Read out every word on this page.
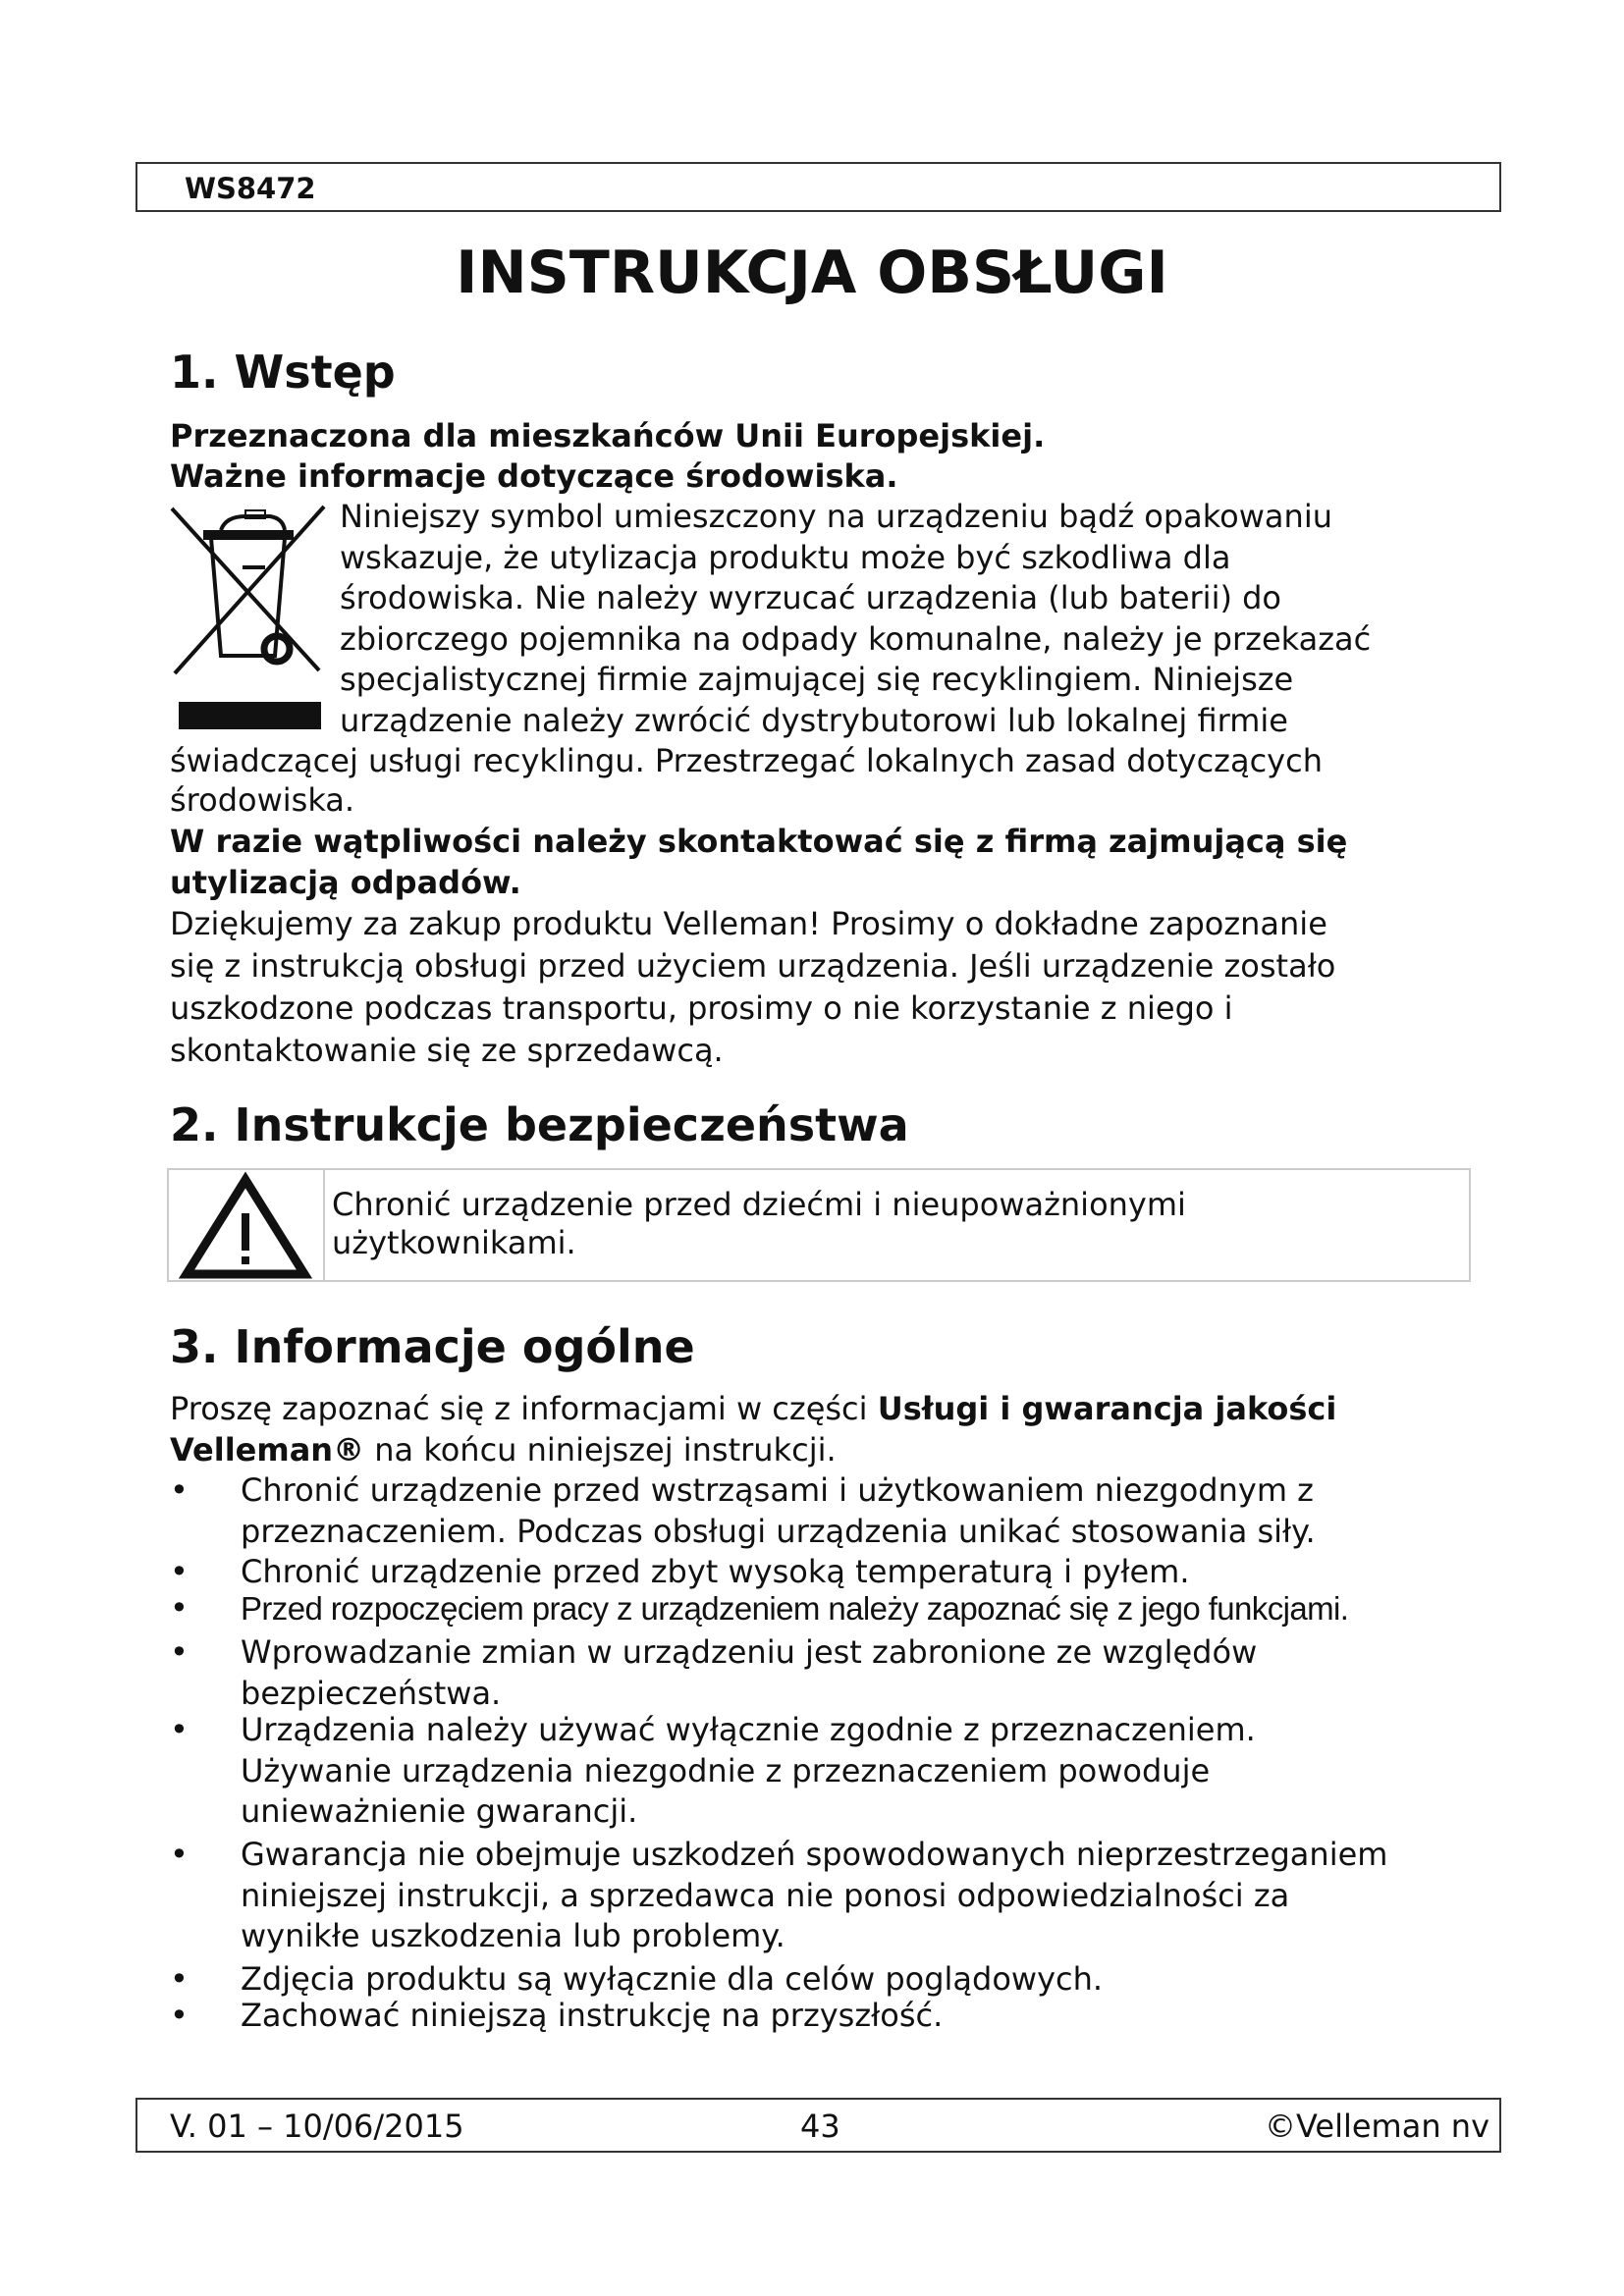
WS8472
INSTRUKCJA OBSŁUGI
1. Wstęp
Przeznaczona dla mieszkańców Unii Europejskiej.
Ważne informacje dotyczące środowiska.
Niniejszy symbol umieszczony na urządzeniu bądź opakowaniu
wskazuje, że utylizacja produktu może być szkodliwa dla
środowiska. Nie należy wyrzucać urządzenia (lub baterii) do
zbiorczego pojemnika na odpady komunalne, należy je przekazać
specjalistycznej firmie zajmującej się recyklingiem. Niniejsze
urządzenie należy zwrócić dystrybutorowi lub lokalnej firmie
świadczącej usługi recyklingu. Przestrzegać lokalnych zasad dotyczących
środowiska.
W razie wątpliwości należy skontaktować się z firmą zajmującą się
utylizacją odpadów.
Dziękujemy za zakup produktu Velleman! Prosimy o dokładne zapoznanie
się z instrukcją obsługi przed użyciem urządzenia. Jeśli urządzenie zostało
uszkodzone podczas transportu, prosimy o nie korzystanie z niego i
skontaktowanie się ze sprzedawcą.
2. Instrukcje bezpieczeństwa
Chronić urządzenie przed dziećmi i nieupoważnionymi
użytkownikami.
3. Informacje ogólne
Proszę zapoznać się z informacjami w części Usługi i gwarancja jakości
Velleman® na końcu niniejszej instrukcji.
• Chronić urządzenie przed wstrząsami i użytkowaniem niezgodnym z
przeznaczeniem. Podczas obsługi urządzenia unikać stosowania siły.
• Chronić urządzenie przed zbyt wysoką temperaturą i pyłem.
• Przed rozpoczęciem pracy z urządzeniem należy zapoznać się z jego funkcjami.
• Wprowadzanie zmian w urządzeniu jest zabronione ze względów
bezpieczeństwa.
• Urządzenia należy używać wyłącznie zgodnie z przeznaczeniem.
Używanie urządzenia niezgodnie z przeznaczeniem powoduje
unieważnienie gwarancji.
• Gwarancja nie obejmuje uszkodzeń spowodowanych nieprzestrzeganiem
niniejszej instrukcji, a sprzedawca nie ponosi odpowiedzialności za
wynikłe uszkodzenia lub problemy.
• Zdjęcia produktu są wyłącznie dla celów poglądowych.
• Zachować niniejszą instrukcję na przyszłość.
V. 01 – 10/06/2015	43	©Velleman nv
